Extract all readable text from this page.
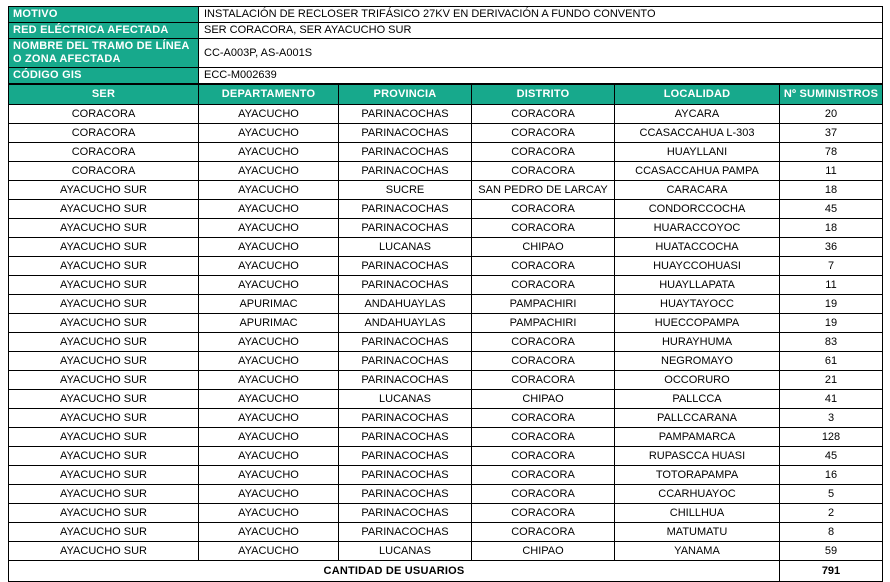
MOTIVO	INSTALACIÓN DE RECLOSER TRIFÁSICO 27KV EN DERIVACIÓN A FUNDO CONVENTO
RED ELÉCTRICA AFECTADA	SER CORACORA, SER AYACUCHO SUR
NOMBRE DEL TRAMO DE LÍNEA O ZONA AFECTADA	CC-A003P, AS-A001S
CÓDIGO GIS	ECC-M002639
SER	DEPARTAMENTO	PROVINCIA	DISTRITO	LOCALIDAD	Nº SUMINISTROS
CORACORA	AYACUCHO	PARINACOCHAS	CORACORA	AYCARA	20
CORACORA	AYACUCHO	PARINACOCHAS	CORACORA	CCASACCAHUA L-303	37
CORACORA	AYACUCHO	PARINACOCHAS	CORACORA	HUAYLLANI	78
CORACORA	AYACUCHO	PARINACOCHAS	CORACORA	CCASACCAHUA PAMPA	11
AYACUCHO SUR	AYACUCHO	SUCRE	SAN PEDRO DE LARCAY	CARACARA	18
AYACUCHO SUR	AYACUCHO	PARINACOCHAS	CORACORA	CONDORCCOCHA	45
AYACUCHO SUR	AYACUCHO	PARINACOCHAS	CORACORA	HUARACCOYOC	18
AYACUCHO SUR	AYACUCHO	LUCANAS	CHIPAO	HUATACCOCHA	36
AYACUCHO SUR	AYACUCHO	PARINACOCHAS	CORACORA	HUAYCCOHUASI	7
AYACUCHO SUR	AYACUCHO	PARINACOCHAS	CORACORA	HUAYLLAPATA	11
AYACUCHO SUR	APURIMAC	ANDAHUAYLAS	PAMPACHIRI	HUAYTAYOCC	19
AYACUCHO SUR	APURIMAC	ANDAHUAYLAS	PAMPACHIRI	HUECCOPAMPA	19
AYACUCHO SUR	AYACUCHO	PARINACOCHAS	CORACORA	HURAYHUMA	83
AYACUCHO SUR	AYACUCHO	PARINACOCHAS	CORACORA	NEGROMAYO	61
AYACUCHO SUR	AYACUCHO	PARINACOCHAS	CORACORA	OCCORURO	21
AYACUCHO SUR	AYACUCHO	LUCANAS	CHIPAO	PALLCCA	41
AYACUCHO SUR	AYACUCHO	PARINACOCHAS	CORACORA	PALLCCARANA	3
AYACUCHO SUR	AYACUCHO	PARINACOCHAS	CORACORA	PAMPAMARCA	128
AYACUCHO SUR	AYACUCHO	PARINACOCHAS	CORACORA	RUPASCCA HUASI	45
AYACUCHO SUR	AYACUCHO	PARINACOCHAS	CORACORA	TOTORAPAMPA	16
AYACUCHO SUR	AYACUCHO	PARINACOCHAS	CORACORA	CCARHUAYOC	5
AYACUCHO SUR	AYACUCHO	PARINACOCHAS	CORACORA	CHILLHUA	2
AYACUCHO SUR	AYACUCHO	PARINACOCHAS	CORACORA	MATUMATU	8
AYACUCHO SUR	AYACUCHO	LUCANAS	CHIPAO	YANAMA	59
CANTIDAD DE USUARIOS					791
